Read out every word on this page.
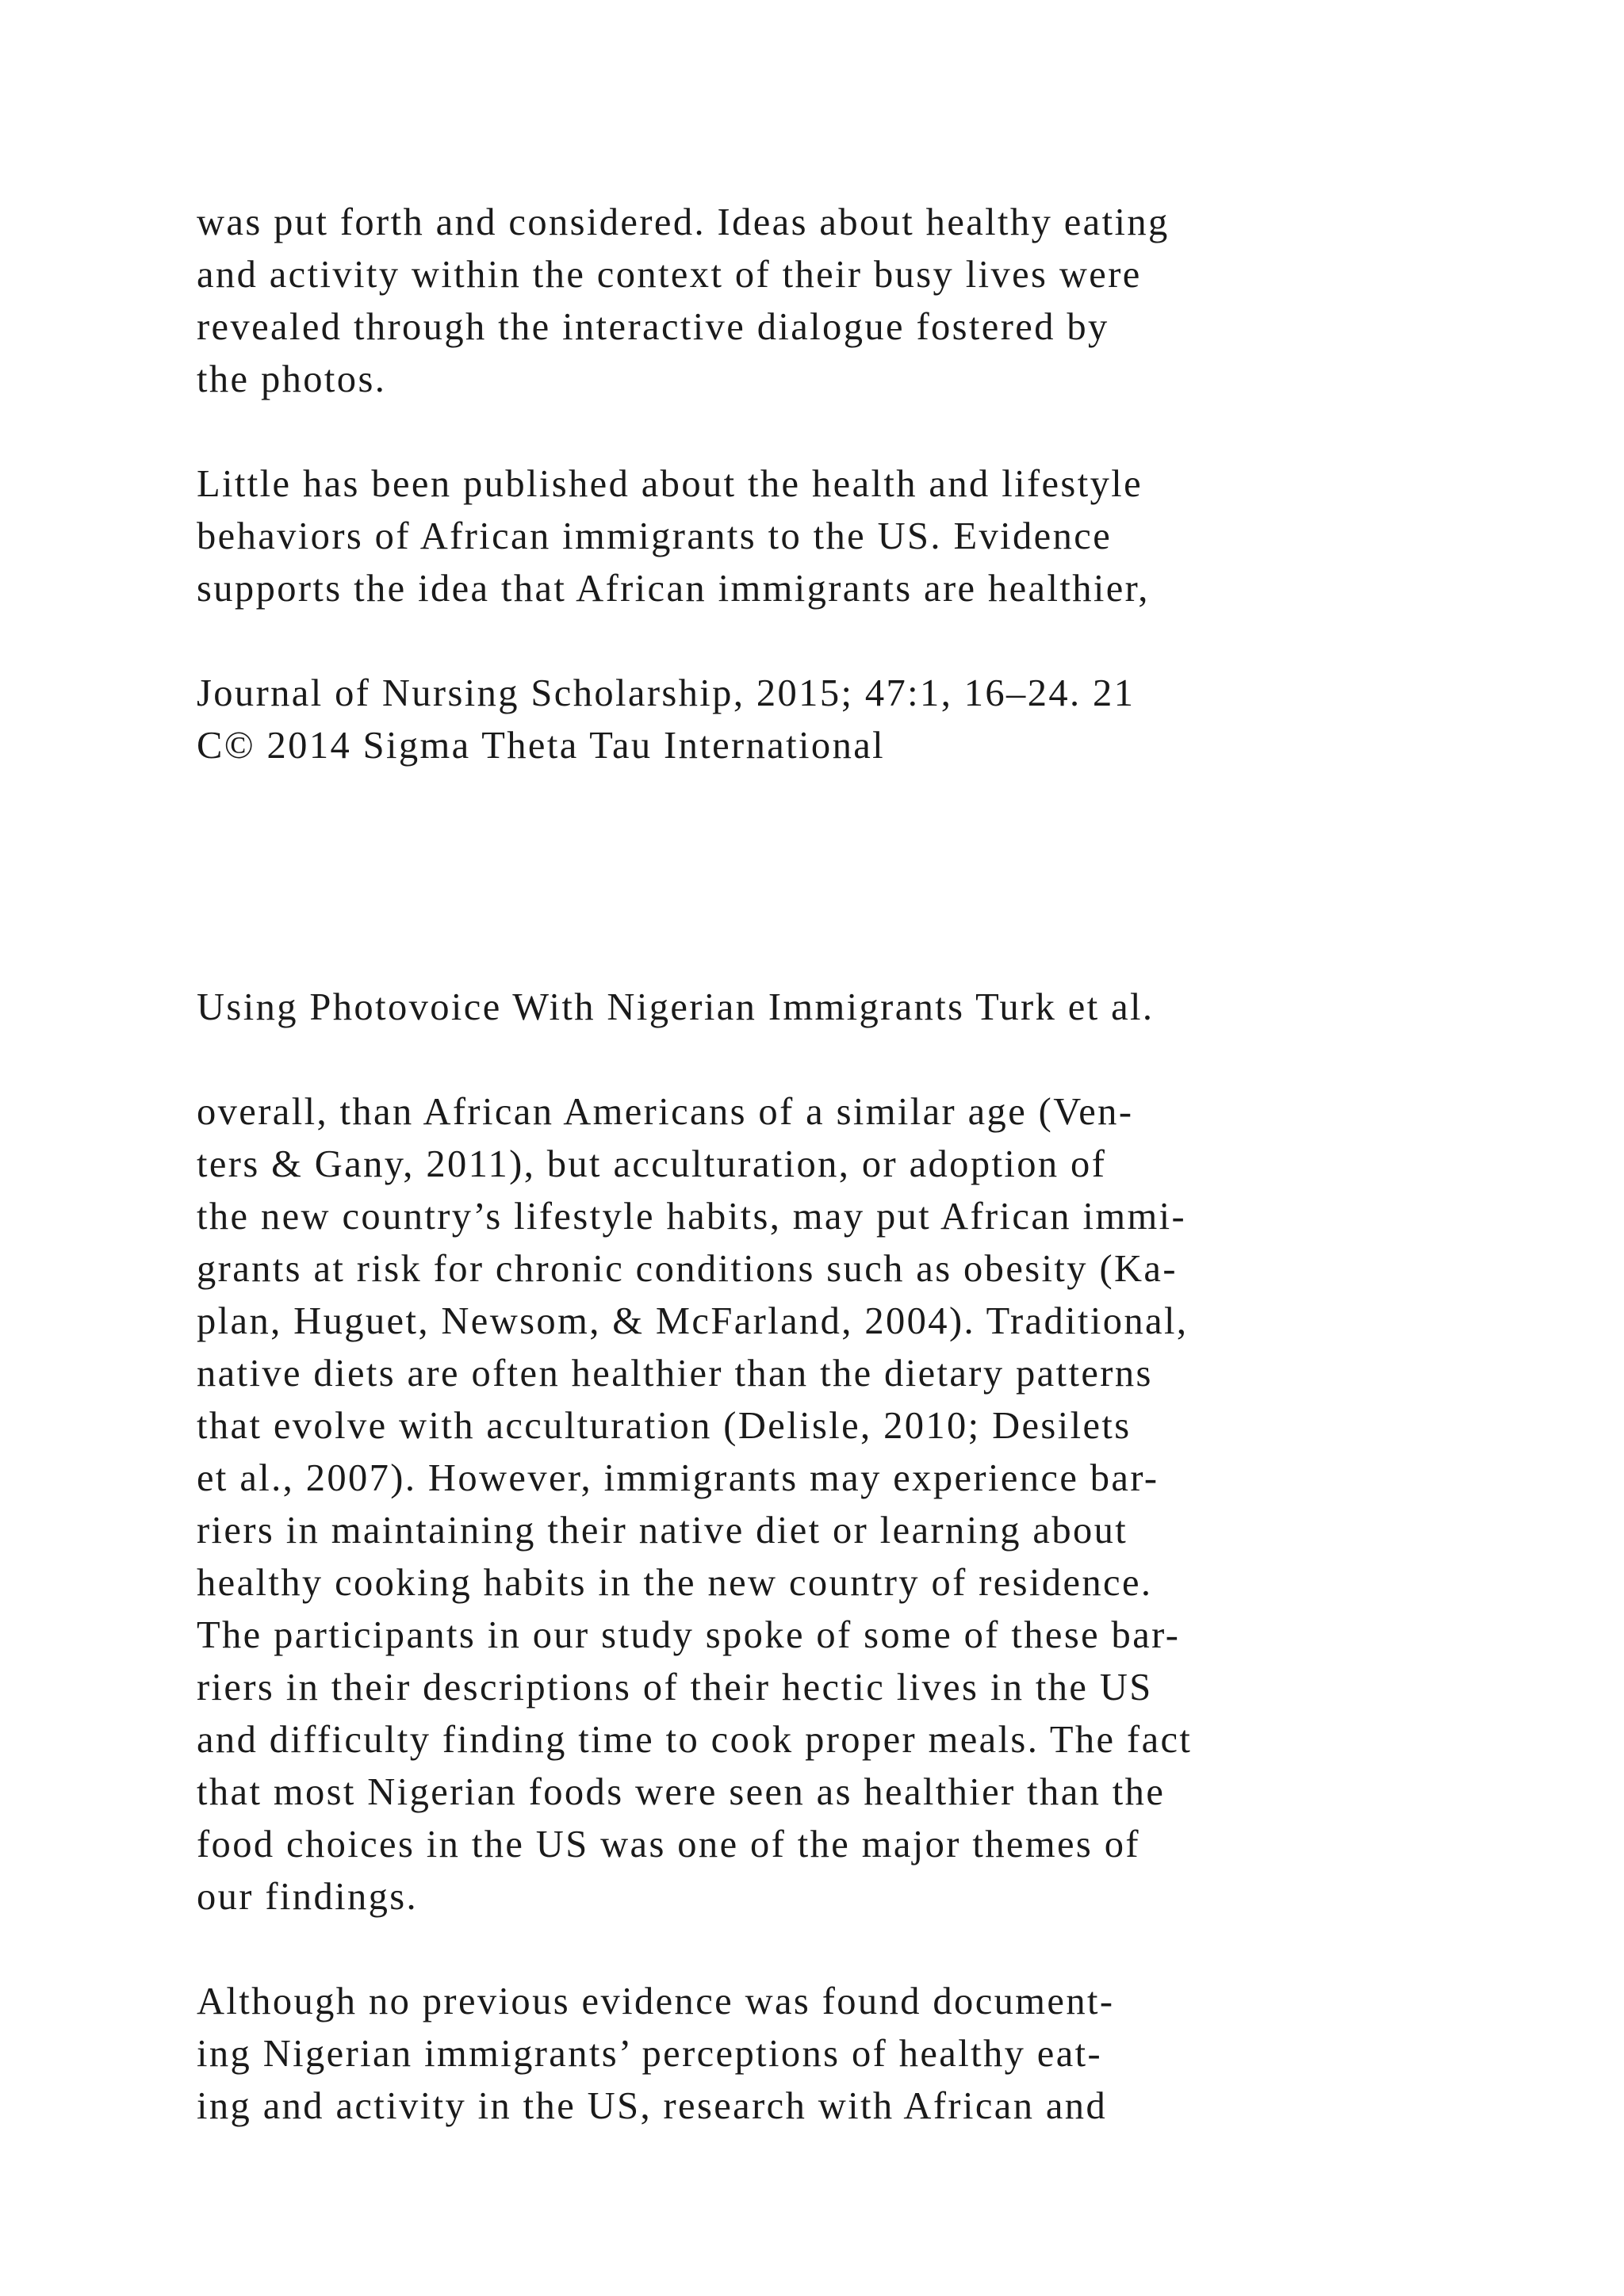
was put forth and considered. Ideas about healthy eating
and activity within the context of their busy lives were
revealed through the interactive dialogue fostered by
the photos.
Little has been published about the health and lifestyle
behaviors of African immigrants to the US. Evidence
supports the idea that African immigrants are healthier,
Journal of Nursing Scholarship, 2015; 47:1, 16–24. 21
C© 2014 Sigma Theta Tau International
Using Photovoice With Nigerian Immigrants Turk et al.
overall, than African Americans of a similar age (Ven-
ters & Gany, 2011), but acculturation, or adoption of
the new country’s lifestyle habits, may put African immi-
grants at risk for chronic conditions such as obesity (Ka-
plan, Huguet, Newsom, & McFarland, 2004). Traditional,
native diets are often healthier than the dietary patterns
that evolve with acculturation (Delisle, 2010; Desilets
et al., 2007). However, immigrants may experience bar-
riers in maintaining their native diet or learning about
healthy cooking habits in the new country of residence.
The participants in our study spoke of some of these bar-
riers in their descriptions of their hectic lives in the US
and difficulty finding time to cook proper meals. The fact
that most Nigerian foods were seen as healthier than the
food choices in the US was one of the major themes of
our findings.
Although no previous evidence was found document-
ing Nigerian immigrants’ perceptions of healthy eat-
ing and activity in the US, research with African and
